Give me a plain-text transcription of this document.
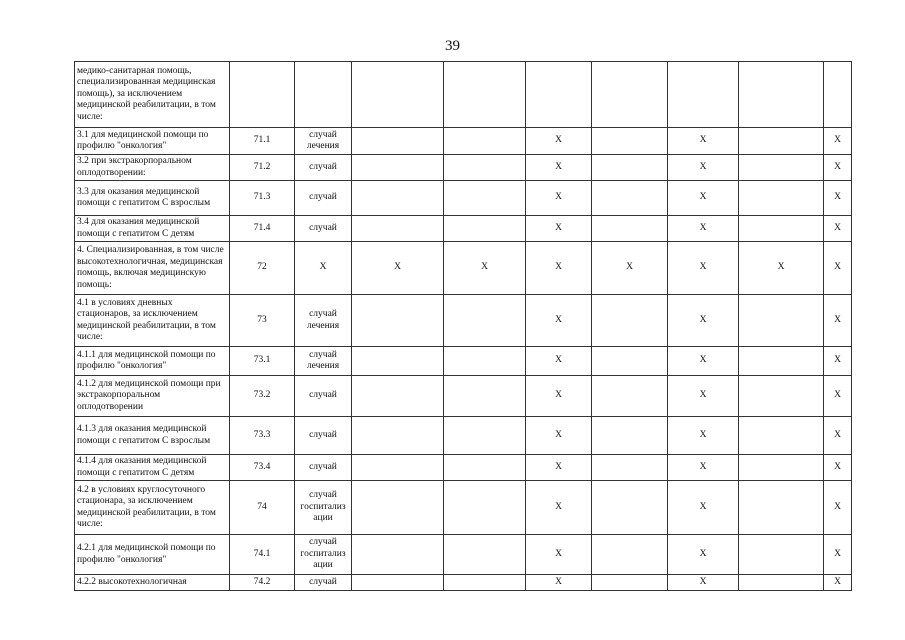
39
медико-санитарная помощь, специализированная медицинская помощь), за исключением медицинской реабилитации, в том числе:									
3.1 для медицинской помощи по профилю "онкология"	71.1	случай лечения			X		X		X
3.2 при экстракорпоральном оплодотворении:	71.2	случай			X		X		X
3.3 для оказания медицинской помощи с гепатитом С взрослым	71.3	случай			X		X		X
3.4 для оказания медицинской помощи с гепатитом С детям	71.4	случай			X		X		X
4. Специализированная, в том числе высокотехнологичная, медицинская помощь, включая медицинскую помощь:	72	X	X	X	X	X	X	X	X
4.1 в условиях дневных стационаров, за исключением медицинской реабилитации, в том числе:	73	случай лечения			X		X		X
4.1.1 для медицинской помощи по профилю "онкология"	73.1	случай лечения			X		X		X
4.1.2 для медицинской помощи при экстракорпоральном оплодотворении	73.2	случай			X		X		X
4.1.3 для оказания медицинской помощи с гепатитом С взрослым	73.3	случай			X		X		X
4.1.4 для оказания медицинской помощи с гепатитом С детям	73.4	случай			X		X		X
4.2 в условиях круглосуточного стационара, за исключением медицинской реабилитации, в том числе:	74	случай госпитализ ации			X		X		X
4.2.1 для медицинской помощи по профилю "онкология"	74.1	случай госпитализ ации			X		X		X
4.2.2 высокотехнологичная	74.2	случай			X		X		X
